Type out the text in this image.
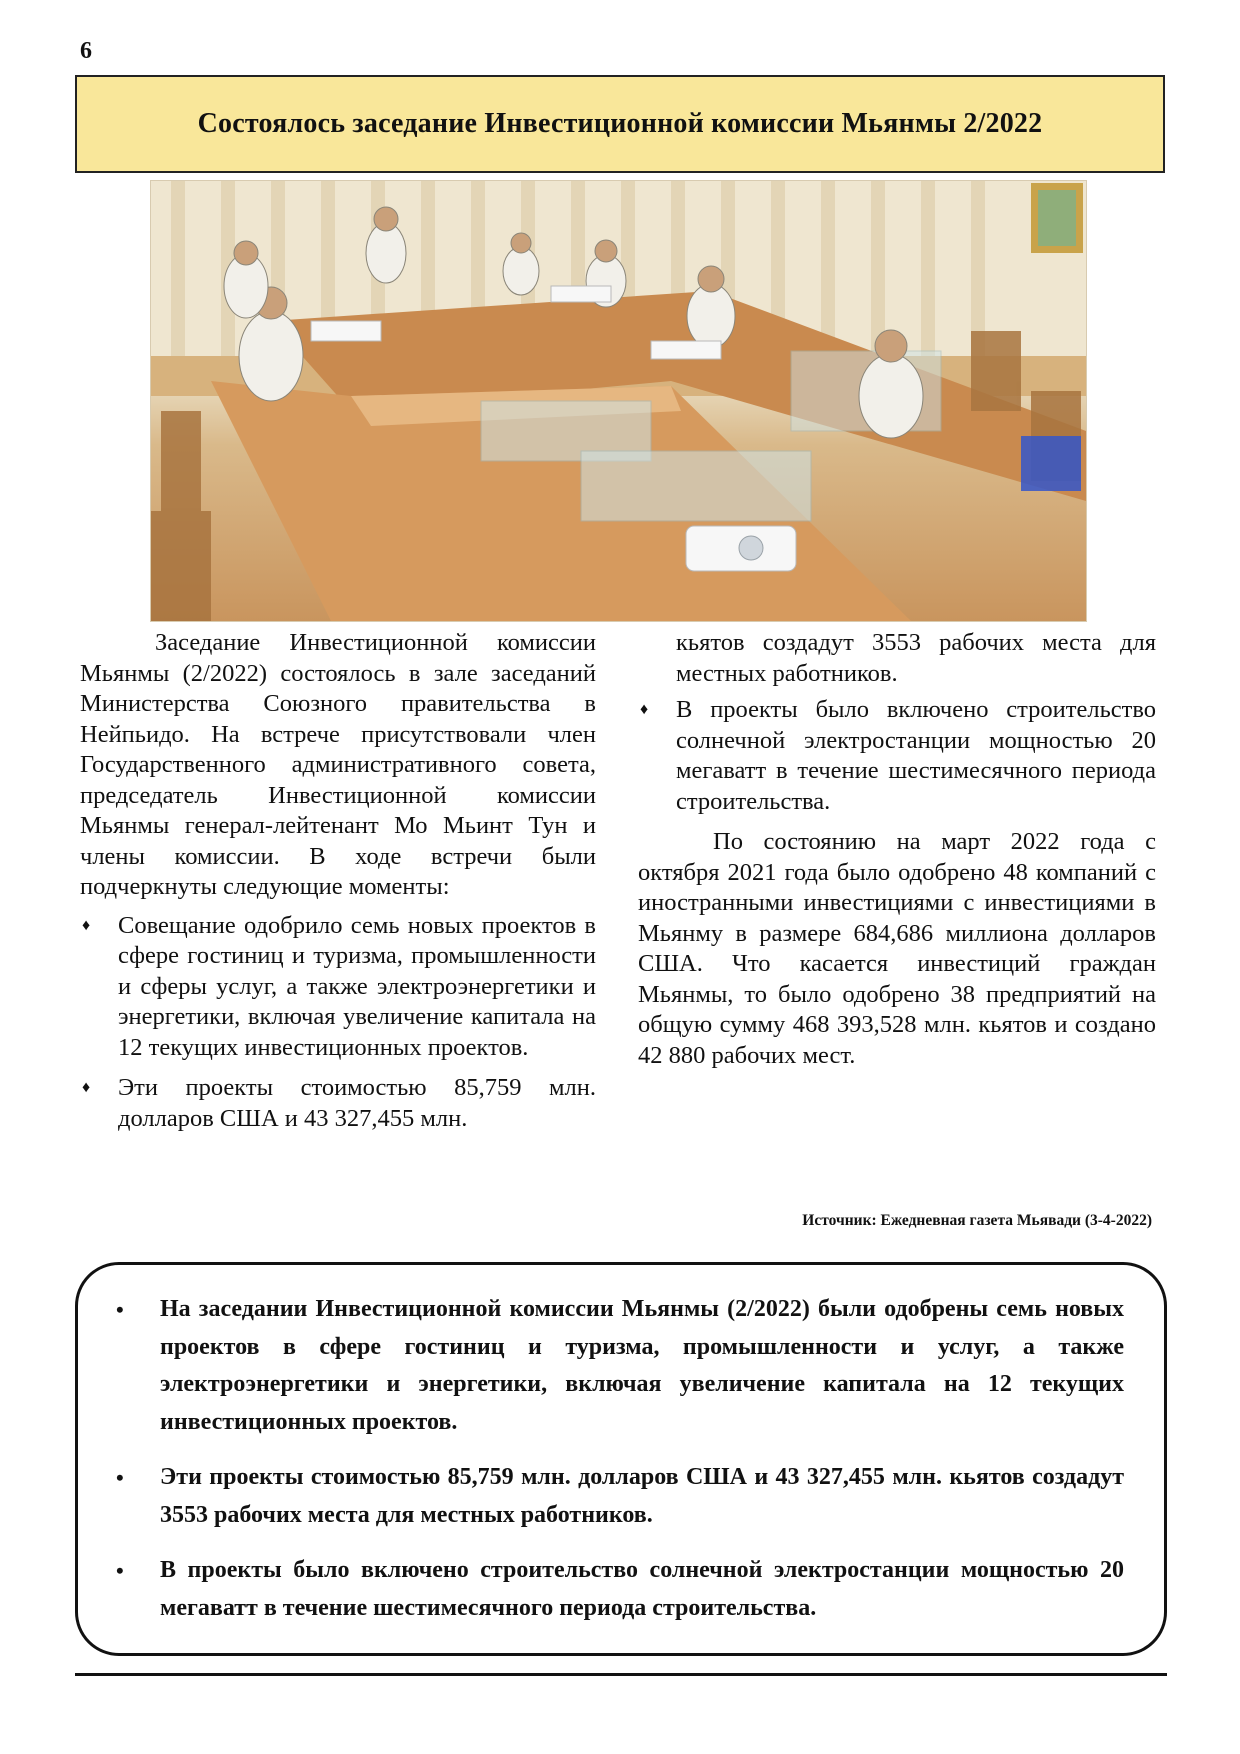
6
Состоялось заседание Инвестиционной комиссии Мьянмы 2/2022

Заседание Инвестиционной комиссии Мьянмы (2/2022) состоялось в зале заседаний Министерства Союзного правительства в Нейпьидо. На встрече присутствовали член Государственного административного совета, председатель Инвестиционной комиссии Мьянмы генерал-лейтенант Мо Мьинт Тун и члены комиссии. В ходе встречи были подчеркнуты следующие моменты:

♦ Совещание одобрило семь новых проектов в сфере гостиниц и туризма, промышленности и сферы услуг, а также электроэнергетики и энергетики, включая увеличение капитала на 12 текущих инвестиционных проектов.
♦ Эти проекты стоимостью 85,759 млн. долларов США и 43 327,455 млн.
кьятов создадут 3553 рабочих места для местных работников.
♦ В проекты было включено строительство солнечной электростанции мощностью 20 мегаватт в течение шестимесячного периода строительства.

По состоянию на март 2022 года с октября 2021 года было одобрено 48 компаний с иностранными инвестициями с инвестициями в Мьянму в размере 684,686 миллиона долларов США. Что касается инвестиций граждан Мьянмы, то было одобрено 38 предприятий на общую сумму 468 393,528 млн. кьятов и создано 42 880 рабочих мест.

Источник: Ежедневная газета Мьявади (3-4-2022)
• На заседании Инвестиционной комиссии Мьянмы (2/2022) были одобрены семь новых проектов в сфере гостиниц и туризма, промышленности и услуг, а также электроэнергетики и энергетики, включая увеличение капитала на 12 текущих инвестиционных проектов.
• Эти проекты стоимостью 85,759 млн. долларов США и 43 327,455 млн. кьятов создадут 3553 рабочих места для местных работников.
• В проекты было включено строительство солнечной электростанции мощностью 20 мегаватт в течение шестимесячного периода строительства.
